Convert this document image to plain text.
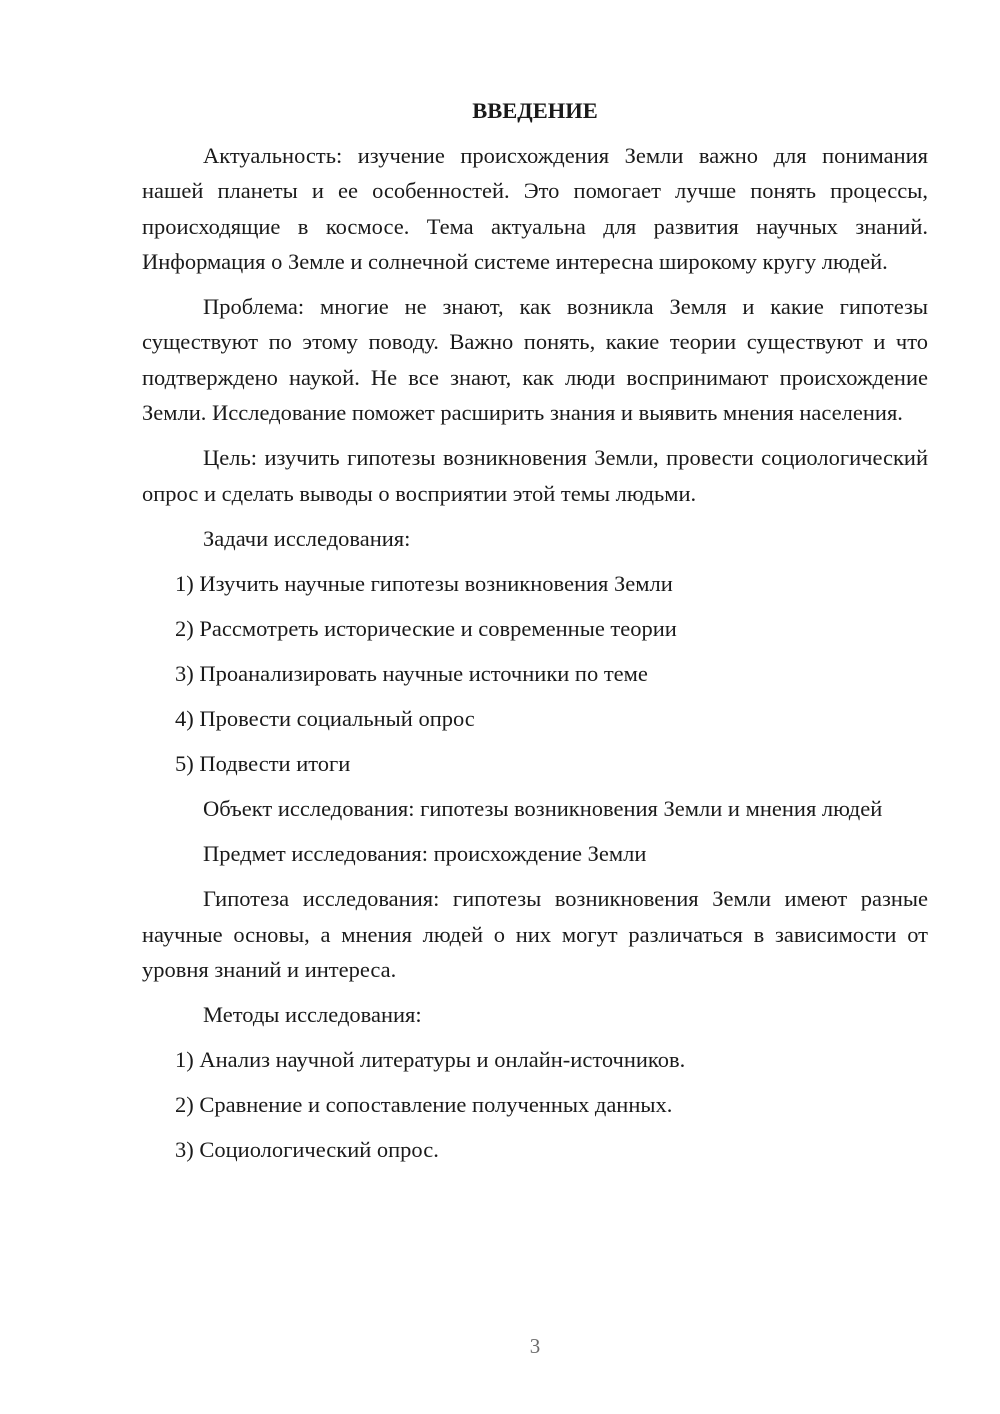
ВВЕДЕНИЕ
Актуальность: изучение происхождения Земли важно для понимания нашей планеты и ее особенностей. Это помогает лучше понять процессы, происходящие в космосе. Тема актуальна для развития научных знаний. Информация о Земле и солнечной системе интересна широкому кругу людей.
Проблема: многие не знают, как возникла Земля и какие гипотезы существуют по этому поводу. Важно понять, какие теории существуют и что подтверждено наукой. Не все знают, как люди воспринимают происхождение Земли. Исследование поможет расширить знания и выявить мнения населения.
Цель: изучить гипотезы возникновения Земли, провести социологический опрос и сделать выводы о восприятии этой темы людьми.
Задачи исследования:
1) Изучить научные гипотезы возникновения Земли
2) Рассмотреть исторические и современные теории
3) Проанализировать научные источники по теме
4) Провести социальный опрос
5) Подвести итоги
Объект исследования: гипотезы возникновения Земли и мнения людей
Предмет исследования: происхождение Земли
Гипотеза исследования: гипотезы возникновения Земли имеют разные научные основы, а мнения людей о них могут различаться в зависимости от уровня знаний и интереса.
Методы исследования:
1) Анализ научной литературы и онлайн-источников.
2) Сравнение и сопоставление полученных данных.
3) Социологический опрос.
3
